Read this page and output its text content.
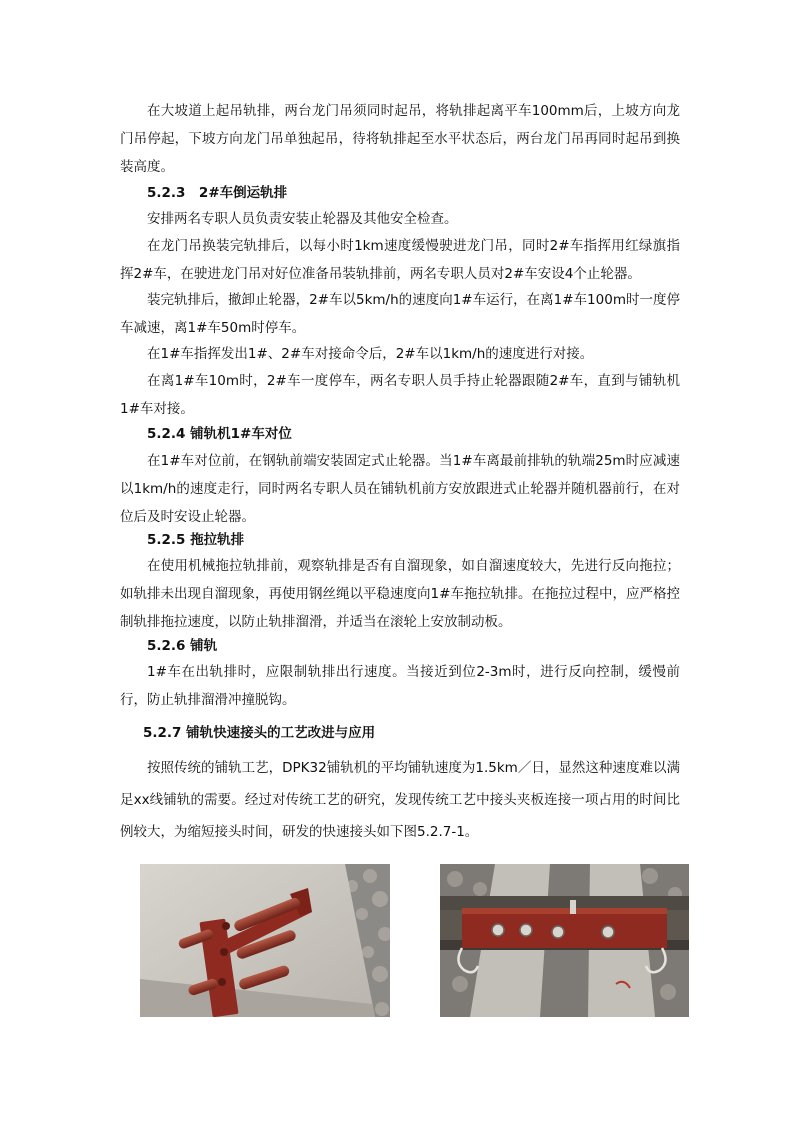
在大坡道上起吊轨排，两台龙门吊须同时起吊，将轨排起离平车100mm后，上坡方向龙门吊停起，下坡方向龙门吊单独起吊，待将轨排起至水平状态后，两台龙门吊再同时起吊到换装高度。

5.2.3　2#车倒运轨排

安排两名专职人员负责安装止轮器及其他安全检查。

在龙门吊换装完轨排后，以每小时1km速度缓慢驶进龙门吊，同时2#车指挥用红绿旗指挥2#车，在驶进龙门吊对好位准备吊装轨排前，两名专职人员对2#车安设4个止轮器。

装完轨排后，撤卸止轮器，2#车以5km/h的速度向1#车运行，在离1#车100m时一度停车减速，离1#车50m时停车。

在1#车指挥发出1#、2#车对接命令后，2#车以1km/h的速度进行对接。

在离1#车10m时，2#车一度停车，两名专职人员手持止轮器跟随2#车，直到与铺轨机1#车对接。

5.2.4 铺轨机1#车对位

在1#车对位前，在钢轨前端安装固定式止轮器。当1#车离最前排轨的轨端25m时应减速以1km/h的速度走行，同时两名专职人员在铺轨机前方安放跟进式止轮器并随机器前行，在对位后及时安设止轮器。

5.2.5 拖拉轨排

在使用机械拖拉轨排前，观察轨排是否有自溜现象，如自溜速度较大，先进行反向拖拉；如轨排未出现自溜现象，再使用钢丝绳以平稳速度向1#车拖拉轨排。在拖拉过程中，应严格控制轨排拖拉速度，以防止轨排溜滑，并适当在滚轮上安放制动板。

5.2.6 铺轨

1#车在出轨排时，应限制轨排出行速度。当接近到位2-3m时，进行反向控制，缓慢前行，防止轨排溜滑冲撞脱钩。

5.2.7 铺轨快速接头的工艺改进与应用

按照传统的铺轨工艺，DPK32铺轨机的平均铺轨速度为1.5km／日，显然这种速度难以满足xx线铺轨的需要。经过对传统工艺的研究，发现传统工艺中接头夹板连接一项占用的时间比例较大，为缩短接头时间，研发的快速接头如下图5.2.7-1。
